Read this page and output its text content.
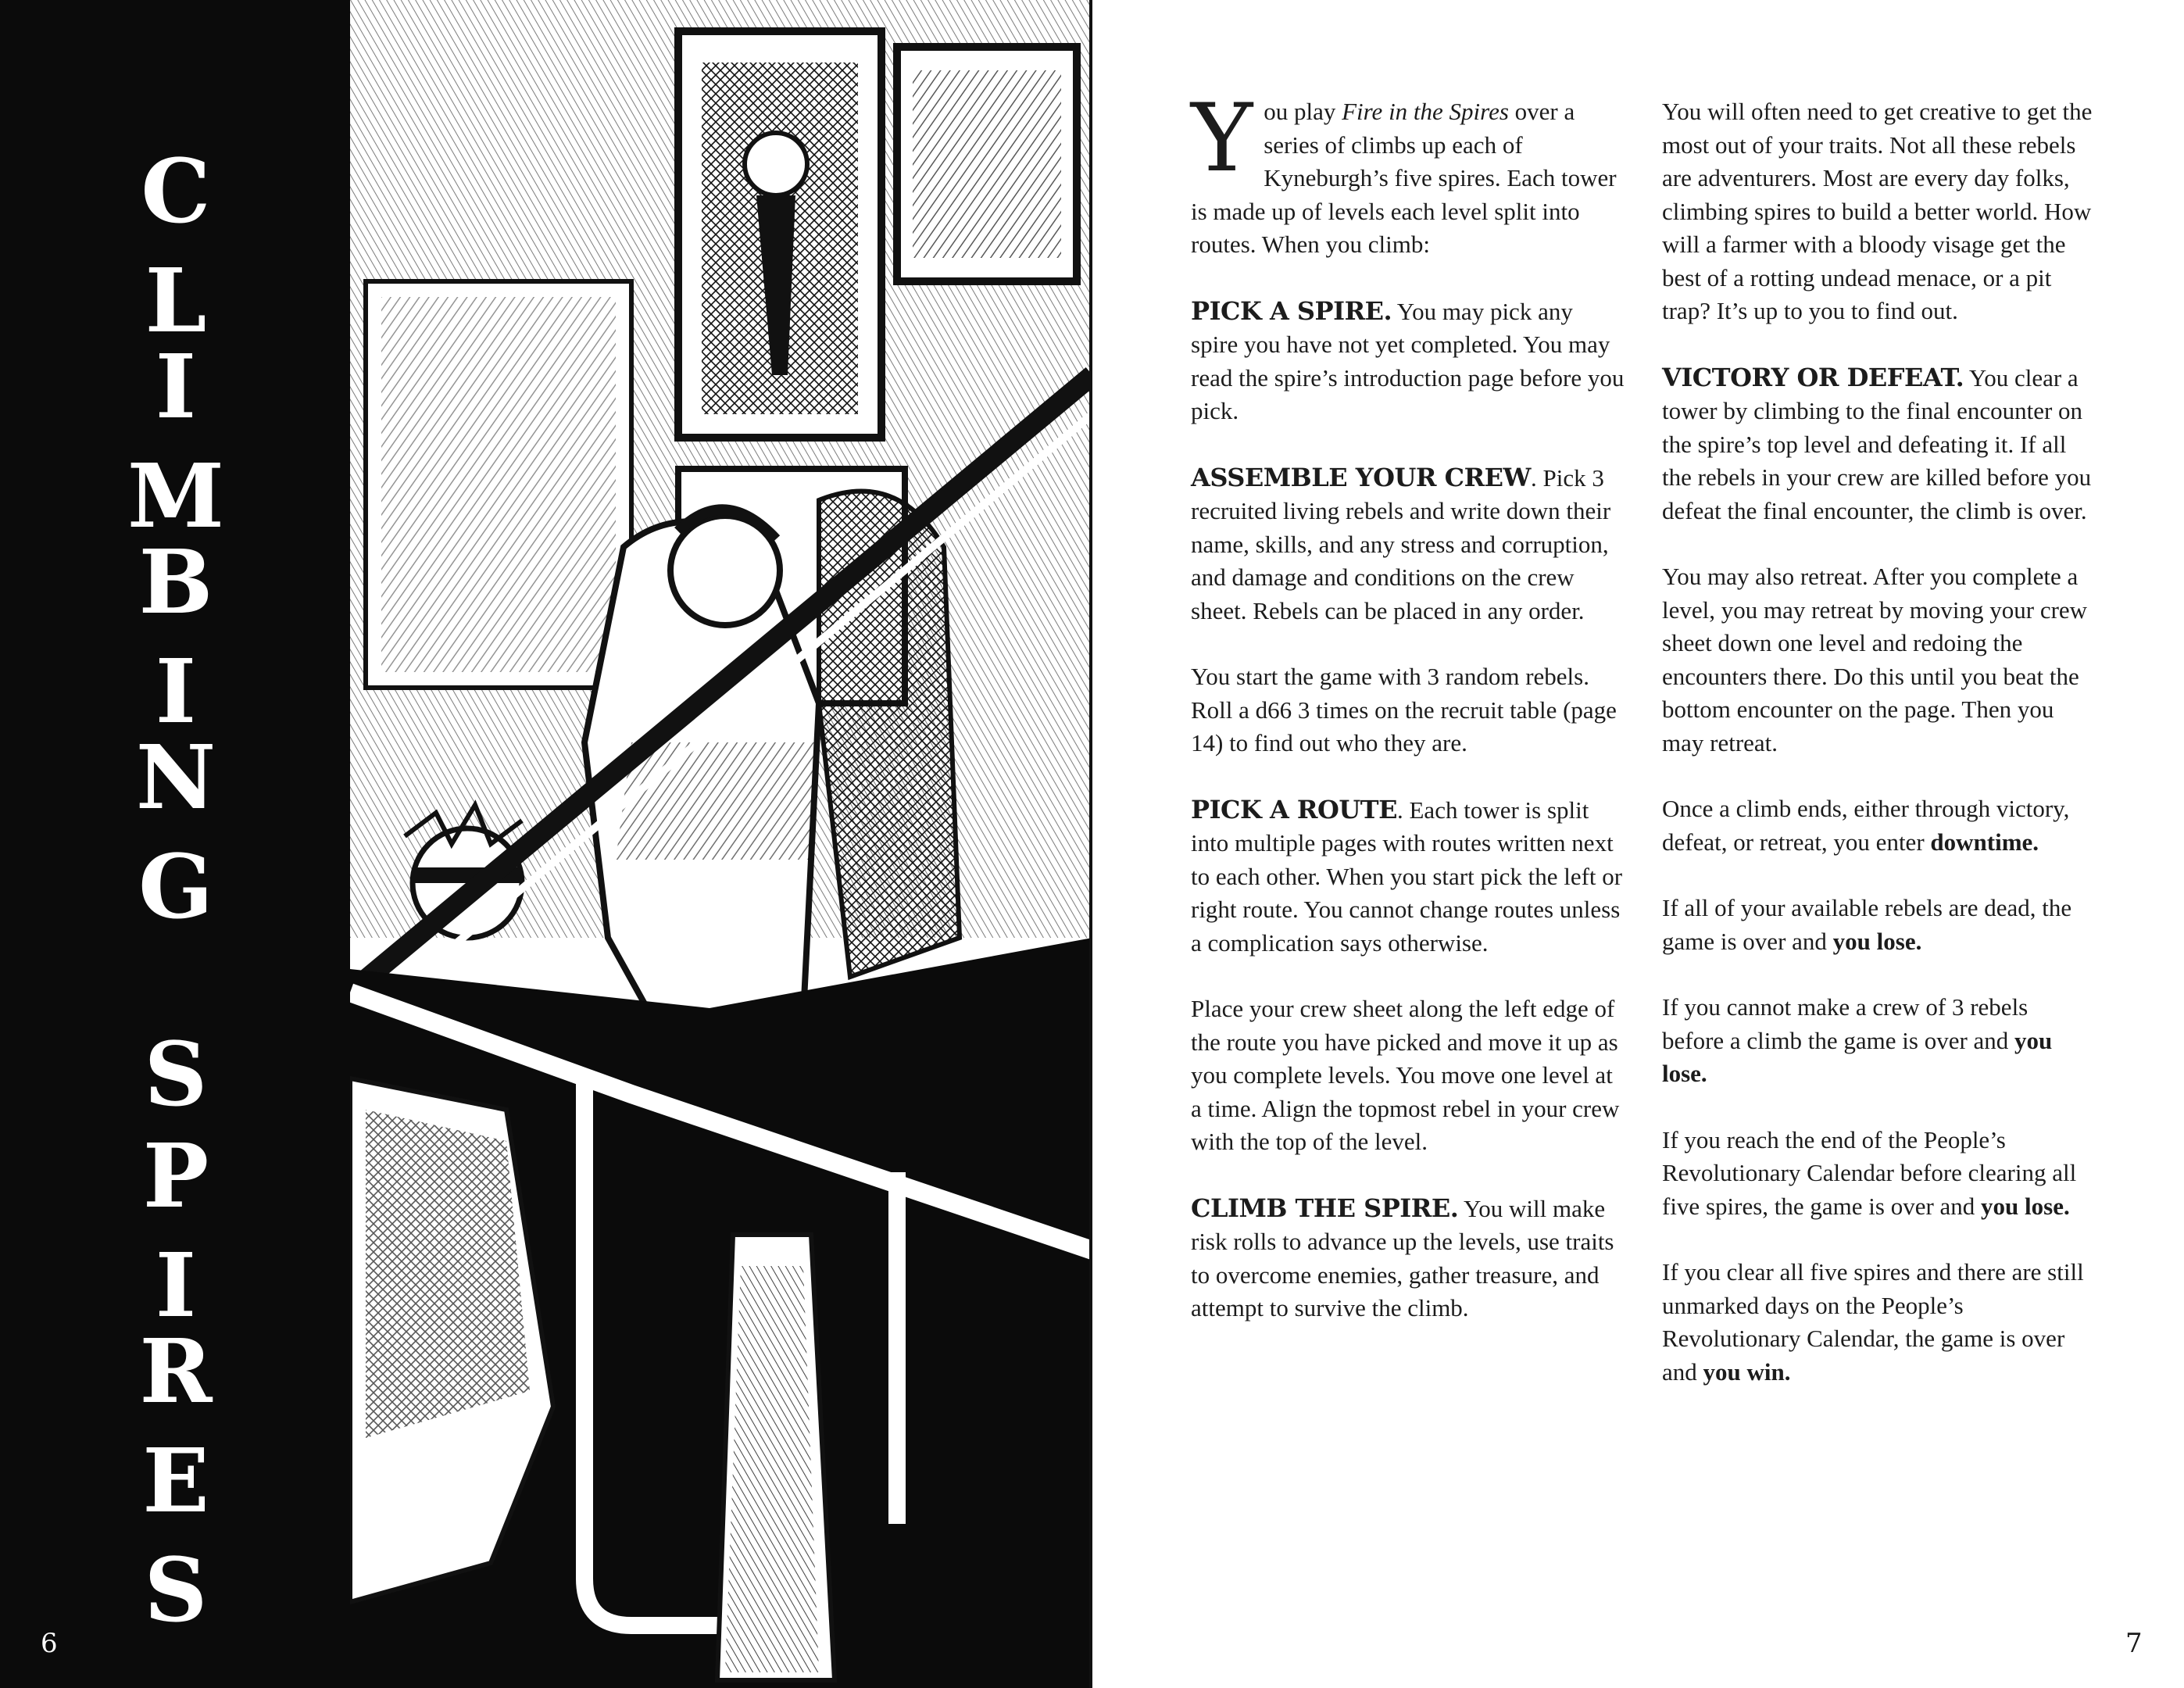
C
L
I
M
B
I
N
G
S
P
I
R
E
S
6

You play Fire in the Spires over a series of climbs up each of Kyneburgh’s five spires. Each tower is made up of levels each level split into routes. When you climb:

PICK A SPIRE. You may pick any spire you have not yet completed. You may read the spire’s introduction page before you pick.

ASSEMBLE YOUR CREW. Pick 3 recruited living rebels and write down their name, skills, and any stress and corruption, and damage and conditions on the crew sheet. Rebels can be placed in any order.

You start the game with 3 random rebels. Roll a d66 3 times on the recruit table (page 14) to find out who they are.

PICK A ROUTE. Each tower is split into multiple pages with routes written next to each other. When you start pick the left or right route. You cannot change routes unless a complication says otherwise.

Place your crew sheet along the left edge of the route you have picked and move it up as you complete levels. You move one level at a time. Align the topmost rebel in your crew with the top of the level.

CLIMB THE SPIRE. You will make risk rolls to advance up the levels, use traits to overcome enemies, gather treasure, and attempt to survive the climb.

You will often need to get creative to get the most out of your traits. Not all these rebels are adventurers. Most are every day folks, climbing spires to build a better world. How will a farmer with a bloody visage get the best of a rotting undead menace, or a pit trap? It’s up to you to find out.

VICTORY OR DEFEAT. You clear a tower by climbing to the final encounter on the spire’s top level and defeating it. If all the rebels in your crew are killed before you defeat the final encounter, the climb is over.

You may also retreat. After you complete a level, you may retreat by moving your crew sheet down one level and redoing the encounters there. Do this until you beat the bottom encounter on the page. Then you may retreat.

Once a climb ends, either through victory, defeat, or retreat, you enter downtime.

If all of your available rebels are dead, the game is over and you lose.

If you cannot make a crew of 3 rebels before a climb the game is over and you lose.

If you reach the end of the People’s Revolutionary Calendar before clearing all five spires, the game is over and you lose.

If you clear all five spires and there are still unmarked days on the People’s Revolutionary Calendar, the game is over and you win.

7
